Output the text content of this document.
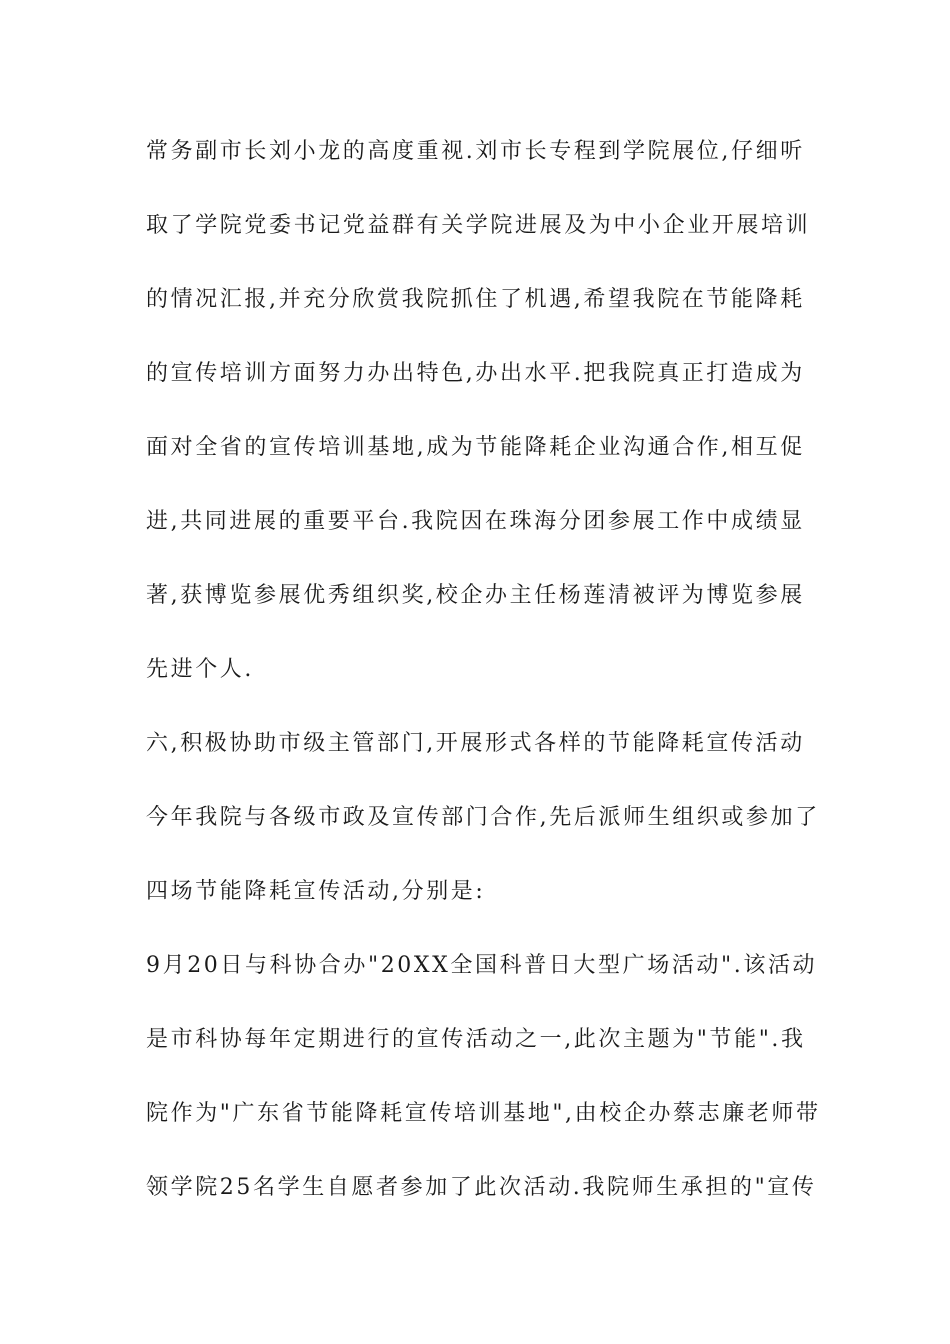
常务副市长刘小龙的高度重视.刘市长专程到学院展位,仔细听
取了学院党委书记党益群有关学院进展及为中小企业开展培训
的情况汇报,并充分欣赏我院抓住了机遇,希望我院在节能降耗
的宣传培训方面努力办出特色,办出水平.把我院真正打造成为
面对全省的宣传培训基地,成为节能降耗企业沟通合作,相互促
进,共同进展的重要平台.我院因在珠海分团参展工作中成绩显
著,获博览参展优秀组织奖,校企办主任杨莲清被评为博览参展
先进个人.
六,积极协助市级主管部门,开展形式各样的节能降耗宣传活动
今年我院与各级市政及宣传部门合作,先后派师生组织或参加了
四场节能降耗宣传活动,分别是:
9月20日与科协合办"20XX全国科普日大型广场活动".该活动
是市科协每年定期进行的宣传活动之一,此次主题为"节能".我
院作为"广东省节能降耗宣传培训基地",由校企办蔡志廉老师带
领学院25名学生自愿者参加了此次活动.我院师生承担的"宣传
